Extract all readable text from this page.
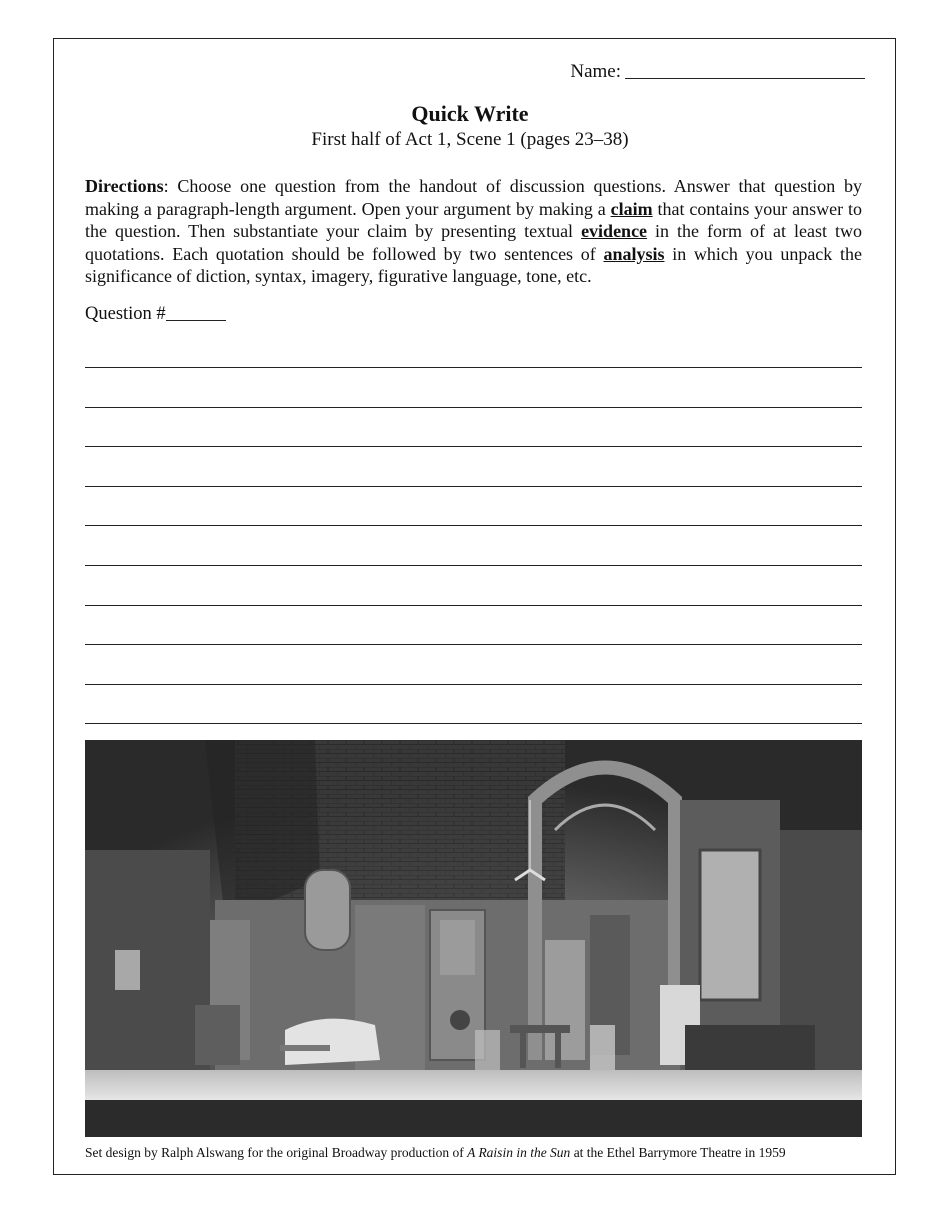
Name:
Quick Write
First half of Act 1, Scene 1 (pages 23–38)
Directions: Choose one question from the handout of discussion questions. Answer that question by making a paragraph-length argument. Open your argument by making a claim that contains your answer to the question. Then substantiate your claim by presenting textual evidence in the form of at least two quotations. Each quotation should be followed by two sentences of analysis in which you unpack the significance of diction, syntax, imagery, figurative language, tone, etc.
Question #
Set design by Ralph Alswang for the original Broadway production of A Raisin in the Sun at the Ethel Barrymore Theatre in 1959
